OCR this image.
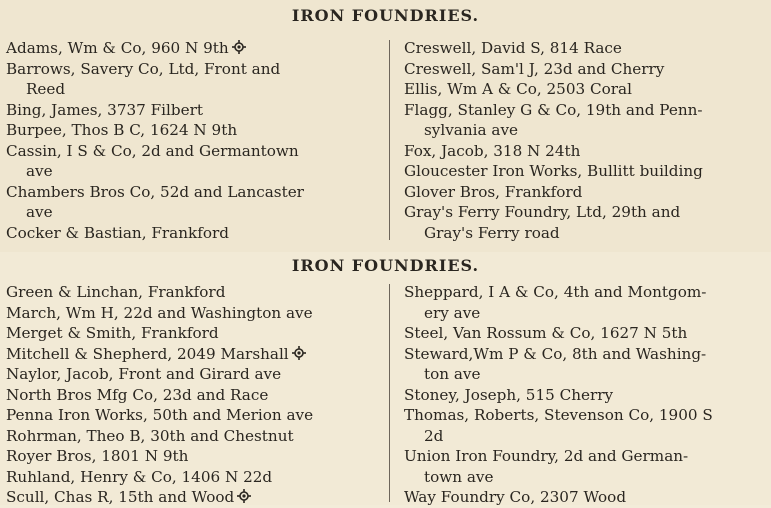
IRON FOUNDRIES.
Adams, Wm & Co, 960 N 9th
Barrows, Savery Co, Ltd, Front and
Reed
Bing, James, 3737 Filbert
Burpee, Thos B C, 1624 N 9th
Cassin, I S & Co, 2d and Germantown
ave
Chambers Bros Co, 52d and Lancaster
ave
Cocker & Bastian, Frankford
Creswell, David S, 814 Race
Creswell, Sam'l J, 23d and Cherry
Ellis, Wm A & Co, 2503 Coral
Flagg, Stanley G & Co, 19th and Penn-
sylvania ave
Fox, Jacob, 318 N 24th
Gloucester Iron Works, Bullitt building
Glover Bros, Frankford
Gray's Ferry Foundry, Ltd, 29th and
Gray's Ferry road
IRON FOUNDRIES.
Green & Linchan, Frankford
March, Wm H, 22d and Washington ave
Merget & Smith, Frankford
Mitchell & Shepherd, 2049 Marshall
Naylor, Jacob, Front and Girard ave
North Bros Mfg Co, 23d and Race
Penna Iron Works, 50th and Merion ave
Rohrman, Theo B, 30th and Chestnut
Royer Bros, 1801 N 9th
Ruhland, Henry & Co, 1406 N 22d
Scull, Chas R, 15th and Wood
Sheppard, I A & Co, 4th and Montgom-
ery ave
Steel, Van Rossum & Co, 1627 N 5th
Steward,Wm P & Co, 8th and Washing-
ton ave
Stoney, Joseph, 515 Cherry
Thomas, Roberts, Stevenson Co, 1900 S
2d
Union Iron Foundry, 2d and German-
town ave
Way Foundry Co, 2307 Wood
